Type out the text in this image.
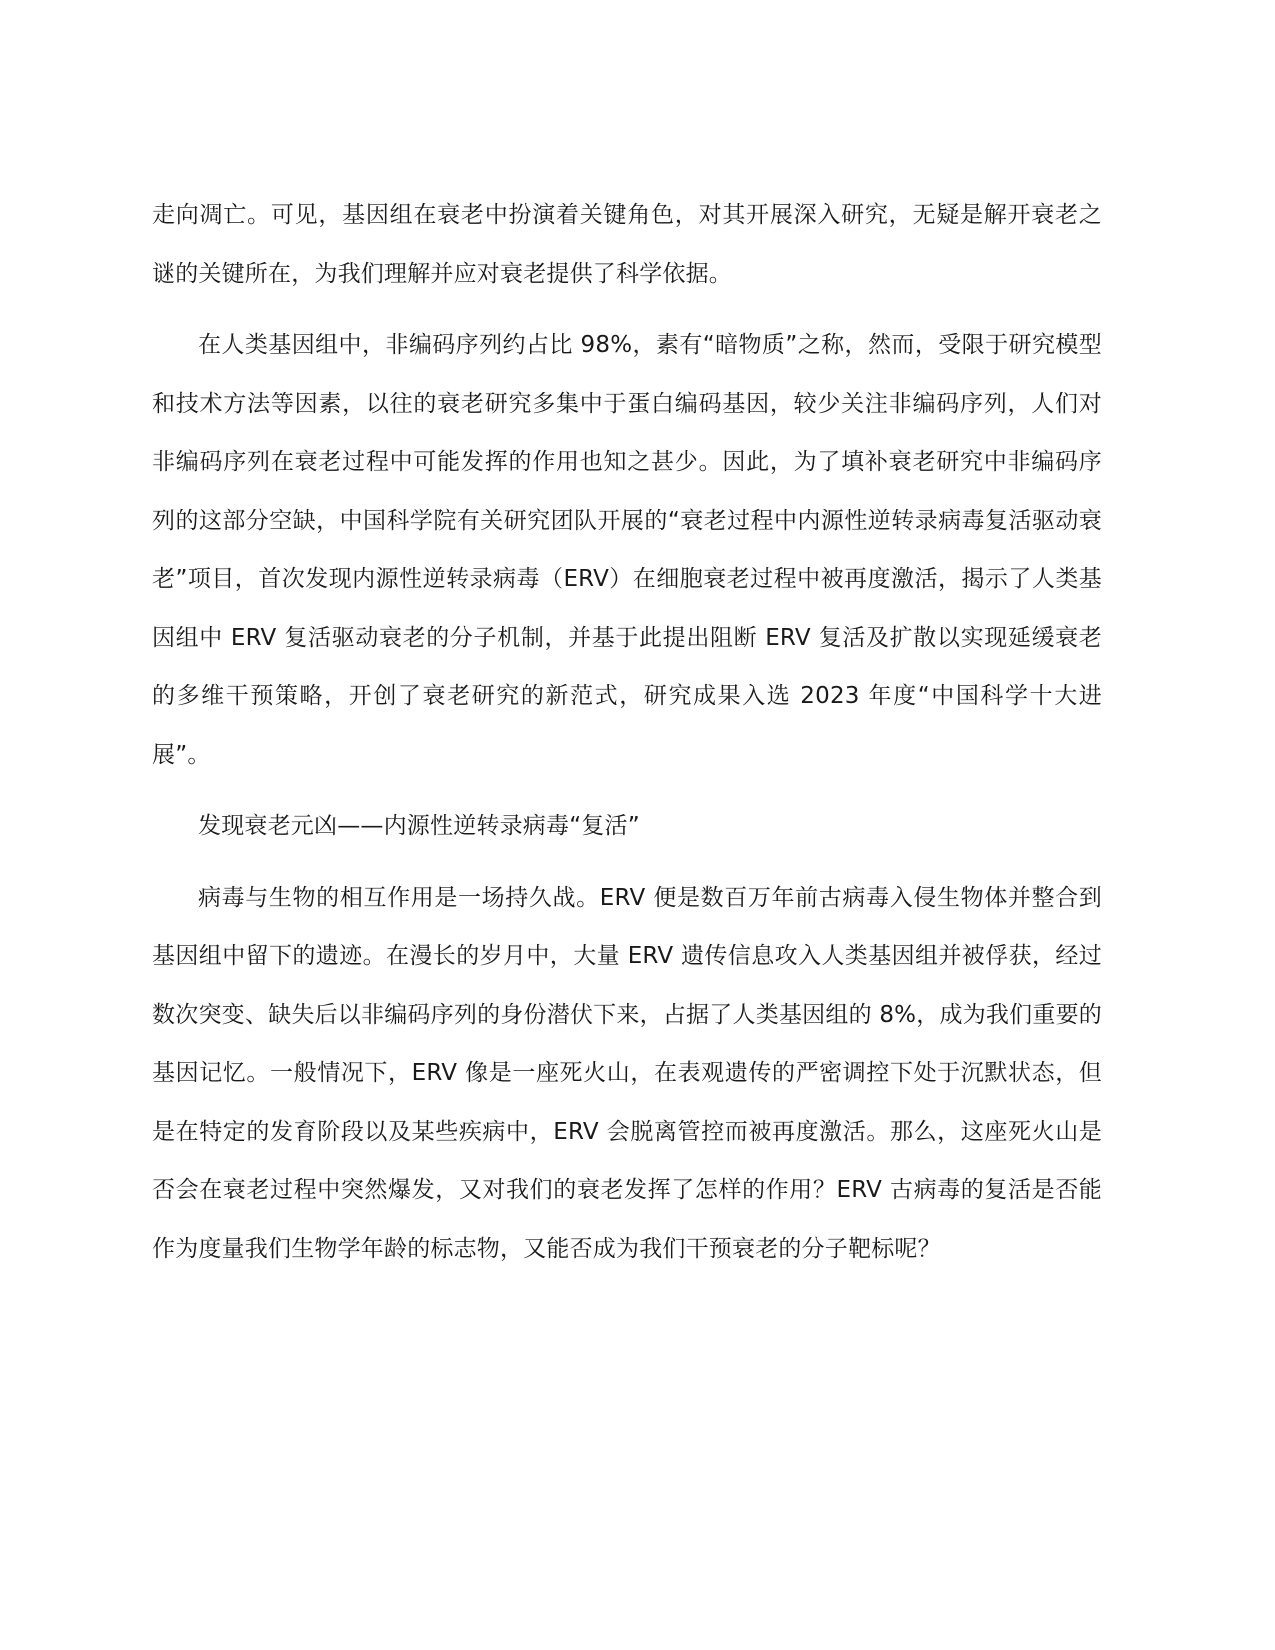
走向凋亡。可见，基因组在衰老中扮演着关键角色，对其开展深入研究，无疑是解开衰老之谜的关键所在，为我们理解并应对衰老提供了科学依据。

在人类基因组中，非编码序列约占比 98%，素有“暗物质”之称，然而，受限于研究模型和技术方法等因素，以往的衰老研究多集中于蛋白编码基因，较少关注非编码序列，人们对非编码序列在衰老过程中可能发挥的作用也知之甚少。因此，为了填补衰老研究中非编码序列的这部分空缺，中国科学院有关研究团队开展的“衰老过程中内源性逆转录病毒复活驱动衰老”项目，首次发现内源性逆转录病毒（ERV）在细胞衰老过程中被再度激活，揭示了人类基因组中 ERV 复活驱动衰老的分子机制，并基于此提出阻断 ERV 复活及扩散以实现延缓衰老的多维干预策略，开创了衰老研究的新范式，研究成果入选 2023 年度“中国科学十大进展”。

发现衰老元凶——内源性逆转录病毒“复活”

病毒与生物的相互作用是一场持久战。ERV 便是数百万年前古病毒入侵生物体并整合到基因组中留下的遗迹。在漫长的岁月中，大量 ERV 遗传信息攻入人类基因组并被俘获，经过数次突变、缺失后以非编码序列的身份潜伏下来，占据了人类基因组的 8%，成为我们重要的基因记忆。一般情况下，ERV 像是一座死火山，在表观遗传的严密调控下处于沉默状态，但是在特定的发育阶段以及某些疾病中，ERV 会脱离管控而被再度激活。那么，这座死火山是否会在衰老过程中突然爆发，又对我们的衰老发挥了怎样的作用？ERV 古病毒的复活是否能作为度量我们生物学年龄的标志物，又能否成为我们干预衰老的分子靶标呢？
